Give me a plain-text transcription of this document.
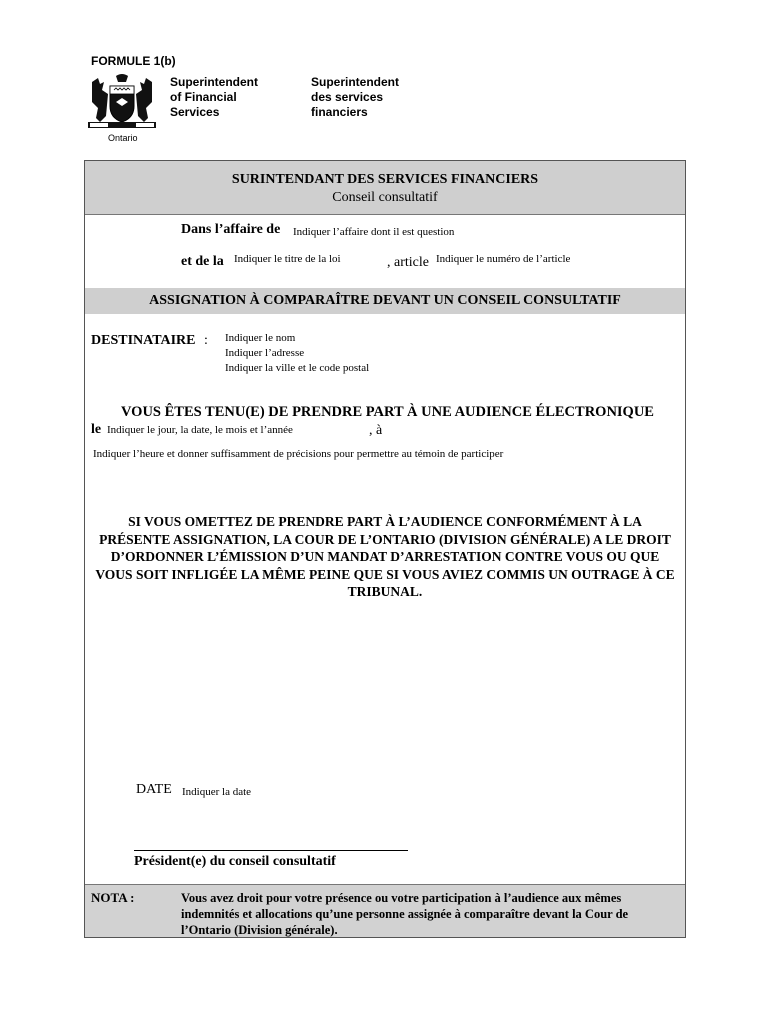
FORMULE 1(b)
Ontario
Superintendent
of Financial
Services
Superintendent
des services
financiers
SURINTENDANT DES SERVICES FINANCIERS
Conseil consultatif
Dans l’affaire de Indiquer l’affaire dont il est question
et de la Indiquer le titre de la loi	, article Indiquer le numéro de l’article
ASSIGNATION À COMPARAÎTRE DEVANT UN CONSEIL CONSULTATIF
DESTINATAIRE : Indiquer le nom
Indiquer l’adresse
Indiquer la ville et le code postal
VOUS ÊTES TENU(E) DE PRENDRE PART À UNE AUDIENCE ÉLECTRONIQUE
le Indiquer le jour, la date, le mois et l’année	, à
Indiquer l’heure et donner suffisamment de précisions pour permettre au témoin de participer
SI VOUS OMETTEZ DE PRENDRE PART À L’AUDIENCE CONFORMÉMENT À LA PRÉSENTE ASSIGNATION, LA COUR DE L’ONTARIO (DIVISION GÉNÉRALE) A LE DROIT D’ORDONNER L’ÉMISSION D’UN MANDAT D’ARRESTATION CONTRE VOUS OU QUE VOUS SOIT INFLIGÉE LA MÊME PEINE QUE SI VOUS AVIEZ COMMIS UN OUTRAGE À CE TRIBUNAL.
DATE Indiquer la date
Président(e) du conseil consultatif
NOTA :	Vous avez droit pour votre présence ou votre participation à l’audience aux mêmes indemnités et allocations qu’une personne assignée à comparaître devant la Cour de l’Ontario (Division générale).
